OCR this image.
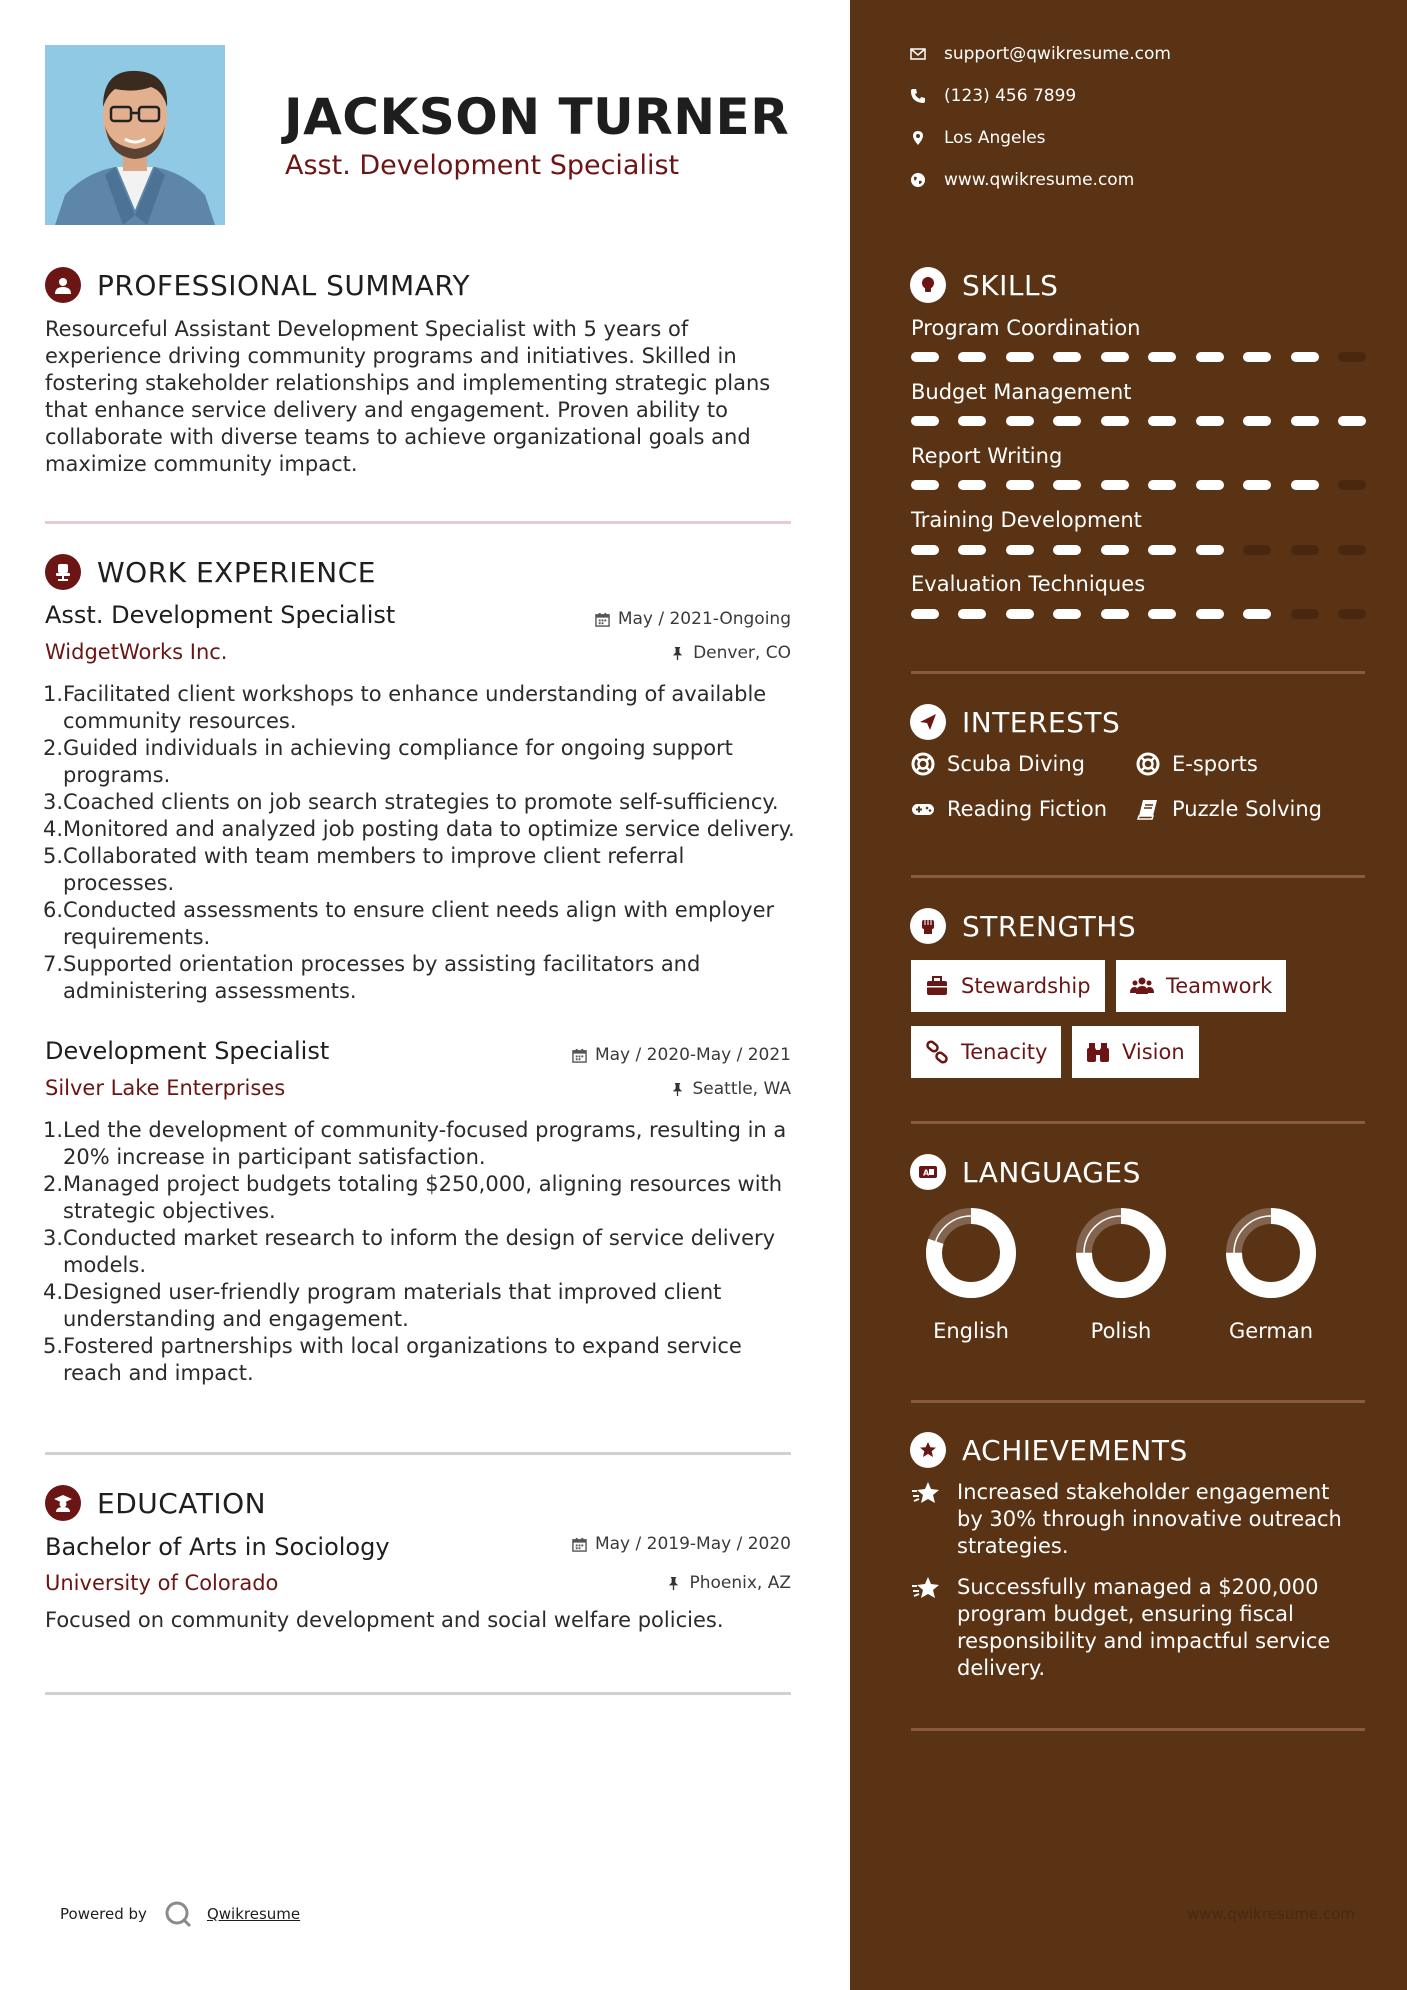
JACKSON TURNER
Asst. Development Specialist
PROFESSIONAL SUMMARY
Resourceful Assistant Development Specialist with 5 years of experience driving community programs and initiatives. Skilled in fostering stakeholder relationships and implementing strategic plans that enhance service delivery and engagement. Proven ability to collaborate with diverse teams to achieve organizational goals and maximize community impact.
WORK EXPERIENCE
Asst. Development Specialist	May / 2021-Ongoing
WidgetWorks Inc.	Denver, CO
1. Facilitated client workshops to enhance understanding of available community resources.
2. Guided individuals in achieving compliance for ongoing support programs.
3. Coached clients on job search strategies to promote self-sufficiency.
4. Monitored and analyzed job posting data to optimize service delivery.
5. Collaborated with team members to improve client referral processes.
6. Conducted assessments to ensure client needs align with employer requirements.
7. Supported orientation processes by assisting facilitators and administering assessments.
Development Specialist	May / 2020-May / 2021
Silver Lake Enterprises	Seattle, WA
1. Led the development of community-focused programs, resulting in a 20% increase in participant satisfaction.
2. Managed project budgets totaling $250,000, aligning resources with strategic objectives.
3. Conducted market research to inform the design of service delivery models.
4. Designed user-friendly program materials that improved client understanding and engagement.
5. Fostered partnerships with local organizations to expand service reach and impact.
EDUCATION
Bachelor of Arts in Sociology	May / 2019-May / 2020
University of Colorado	Phoenix, AZ
Focused on community development and social welfare policies.
Powered by	Qwikresume
support@qwikresume.com
(123) 456 7899
Los Angeles
www.qwikresume.com
SKILLS
Program Coordination
Budget Management
Report Writing
Training Development
Evaluation Techniques
INTERESTS
Scuba Diving	E-sports
Reading Fiction	Puzzle Solving
STRENGTHS
Stewardship	Teamwork
Tenacity	Vision
A LANGUAGES
English	Polish	German
ACHIEVEMENTS
Increased stakeholder engagement by 30% through innovative outreach strategies.
Successfully managed a $200,000 program budget, ensuring fiscal responsibility and impactful service delivery.
www.qwikresume.com
